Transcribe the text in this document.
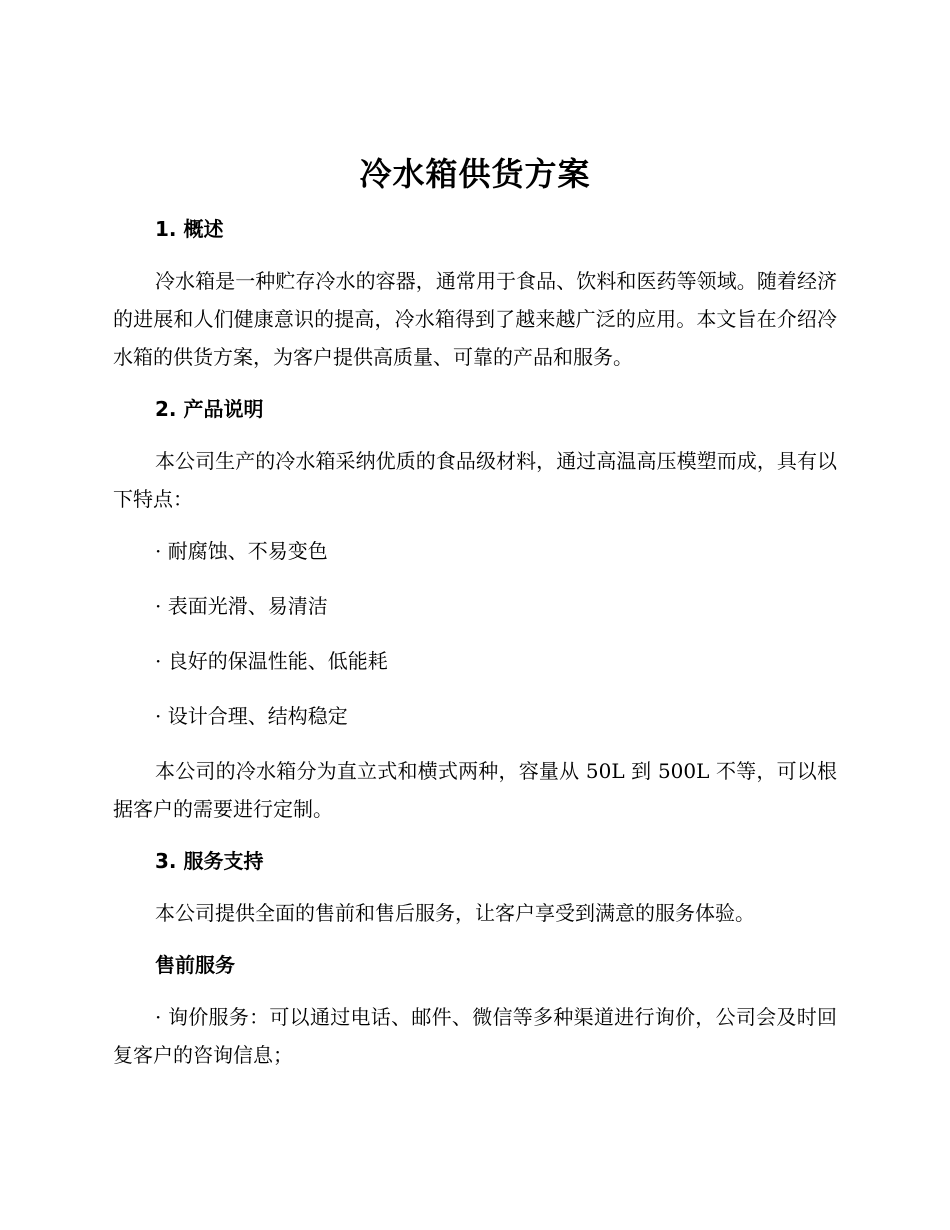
冷水箱供货方案
1. 概述

冷水箱是一种贮存冷水的容器，通常用于食品、饮料和医药等领域。随着经济的进展和人们健康意识的提高，冷水箱得到了越来越广泛的应用。本文旨在介绍冷水箱的供货方案，为客户提供高质量、可靠的产品和服务。

2. 产品说明

本公司生产的冷水箱采纳优质的食品级材料，通过高温高压模塑而成，具有以下特点：

· 耐腐蚀、不易变色

· 表面光滑、易清洁

· 良好的保温性能、低能耗

· 设计合理、结构稳定

本公司的冷水箱分为直立式和横式两种，容量从 50L 到 500L 不等，可以根据客户的需要进行定制。

3. 服务支持

本公司提供全面的售前和售后服务，让客户享受到满意的服务体验。

售前服务

· 询价服务：可以通过电话、邮件、微信等多种渠道进行询价，公司会及时回复客户的咨询信息；
